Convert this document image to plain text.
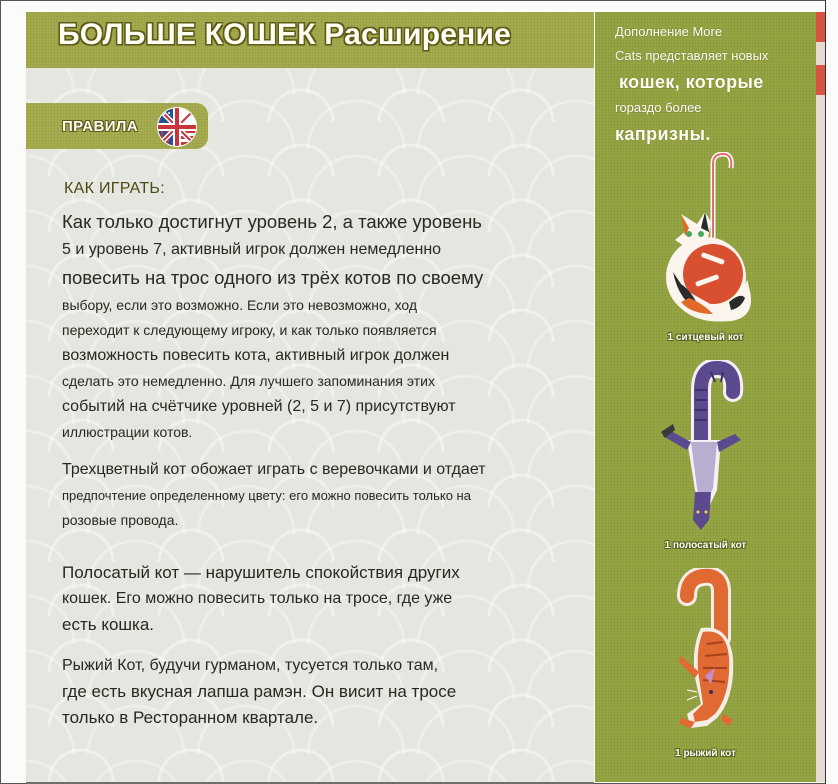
БОЛЬШЕ КОШЕК Расширение
ПРАВИЛА
КАК ИГРАТЬ:
Как только достигнут уровень 2, а также уровень
5 и уровень 7, активный игрок должен немедленно
повесить на трос одного из трёх котов по своему
выбору, если это возможно. Если это невозможно, ход
переходит к следующему игроку, и как только появляется
возможность повесить кота, активный игрок должен
сделать это немедленно. Для лучшего запоминания этих
событий на счётчике уровней (2, 5 и 7) присутствуют
иллюстрации котов.
Трехцветный кот обожает играть с веревочками и отдает
предпочтение определенному цвету: его можно повесить только на
розовые провода.
Полосатый кот — нарушитель спокойствия других
кошек. Его можно повесить только на тросе, где уже
есть кошка.
Рыжий Кот, будучи гурманом, тусуется только там,
где есть вкусная лапша рамэн. Он висит на тросе
только в Ресторанном квартале.
Дополнение More
Cats представляет новых
кошек, которые
гораздо более
капризны.
1 ситцевый кот
1 полосатый кот
1 рыжий кот
